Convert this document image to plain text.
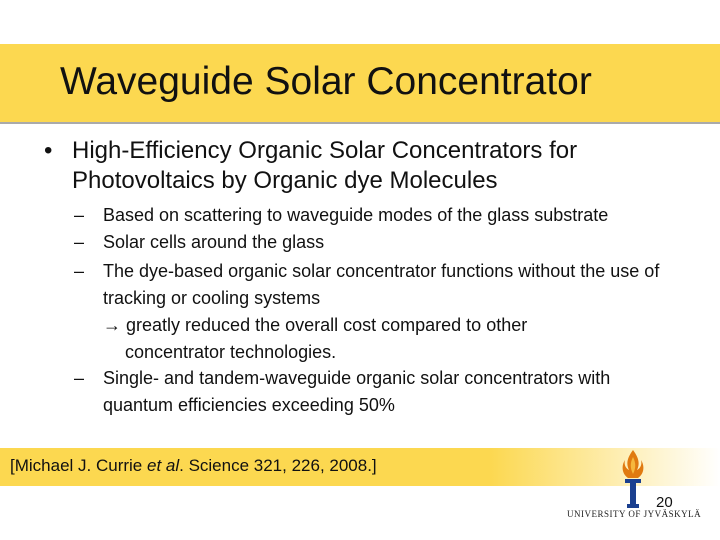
Waveguide Solar Concentrator
• High-Efficiency Organic Solar Concentrators for Photovoltaics by Organic dye Molecules
– Based on scattering to waveguide modes of the glass substrate
– Solar cells around the glass
– The dye-based organic solar concentrator functions without the use of tracking or cooling systems
→ greatly reduced the overall cost compared to other
concentrator technologies.
– Single- and tandem-waveguide organic solar concentrators with quantum efficiencies exceeding 50%
[Michael J. Currie et al. Science 321, 226, 2008.]
20
UNIVERSITY OF JYVÄSKYLÄ
